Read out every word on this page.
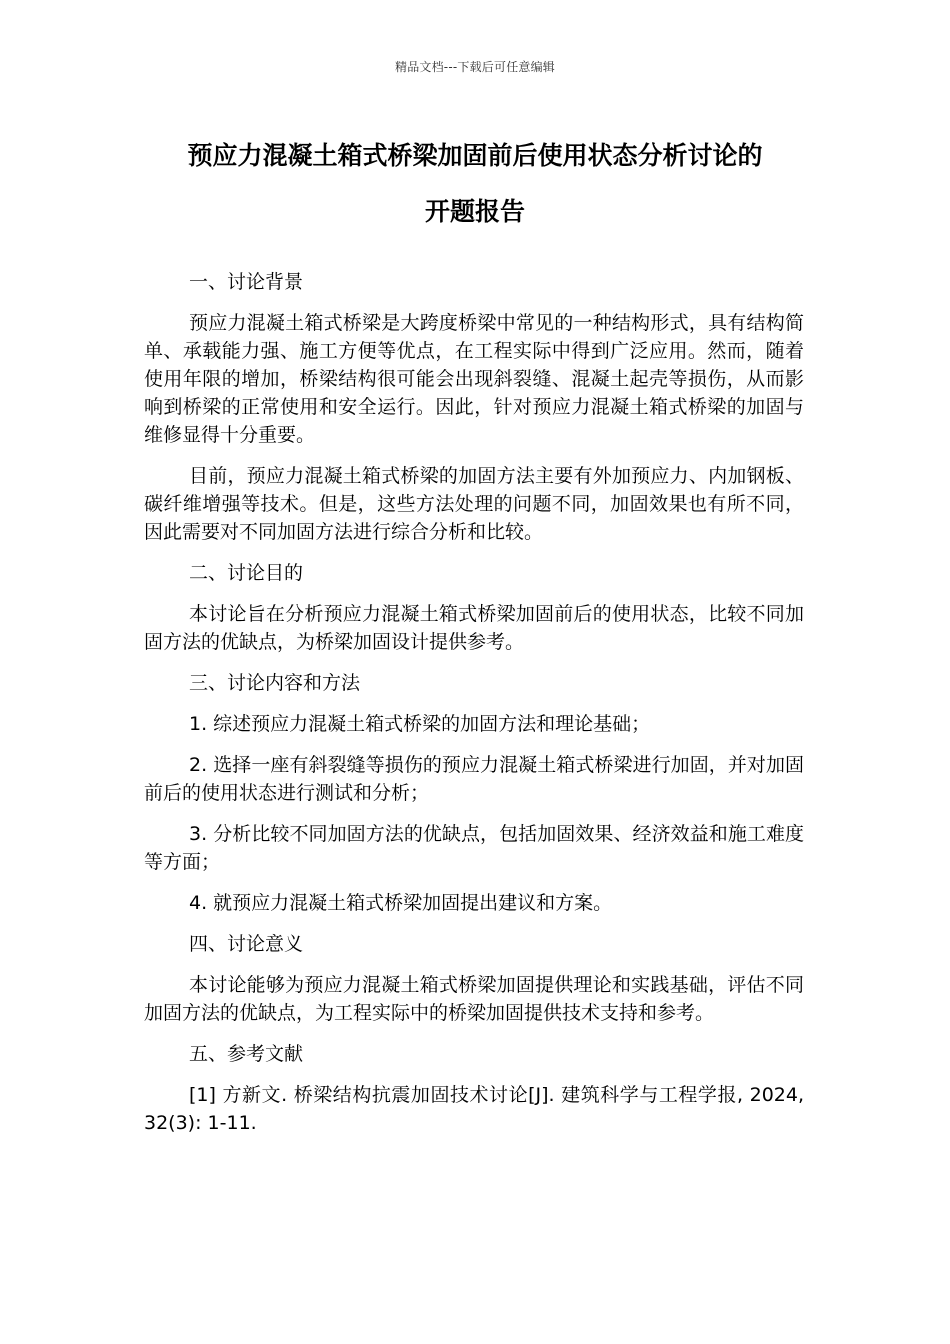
精品文档---下载后可任意编辑
预应力混凝土箱式桥梁加固前后使用状态分析讨论的
开题报告

一、讨论背景

预应力混凝土箱式桥梁是大跨度桥梁中常见的一种结构形式，具有结构简单、承载能力强、施工方便等优点，在工程实际中得到广泛应用。然而，随着使用年限的增加，桥梁结构很可能会出现斜裂缝、混凝土起壳等损伤，从而影响到桥梁的正常使用和安全运行。因此，针对预应力混凝土箱式桥梁的加固与维修显得十分重要。

目前，预应力混凝土箱式桥梁的加固方法主要有外加预应力、内加钢板、碳纤维增强等技术。但是，这些方法处理的问题不同，加固效果也有所不同，因此需要对不同加固方法进行综合分析和比较。

二、讨论目的

本讨论旨在分析预应力混凝土箱式桥梁加固前后的使用状态，比较不同加固方法的优缺点，为桥梁加固设计提供参考。

三、讨论内容和方法

1. 综述预应力混凝土箱式桥梁的加固方法和理论基础；

2. 选择一座有斜裂缝等损伤的预应力混凝土箱式桥梁进行加固，并对加固前后的使用状态进行测试和分析；

3. 分析比较不同加固方法的优缺点，包括加固效果、经济效益和施工难度等方面；

4. 就预应力混凝土箱式桥梁加固提出建议和方案。

四、讨论意义

本讨论能够为预应力混凝土箱式桥梁加固提供理论和实践基础，评估不同加固方法的优缺点，为工程实际中的桥梁加固提供技术支持和参考。

五、参考文献

[1] 方新文. 桥梁结构抗震加固技术讨论[J]. 建筑科学与工程学报, 2024, 32(3): 1-11.
